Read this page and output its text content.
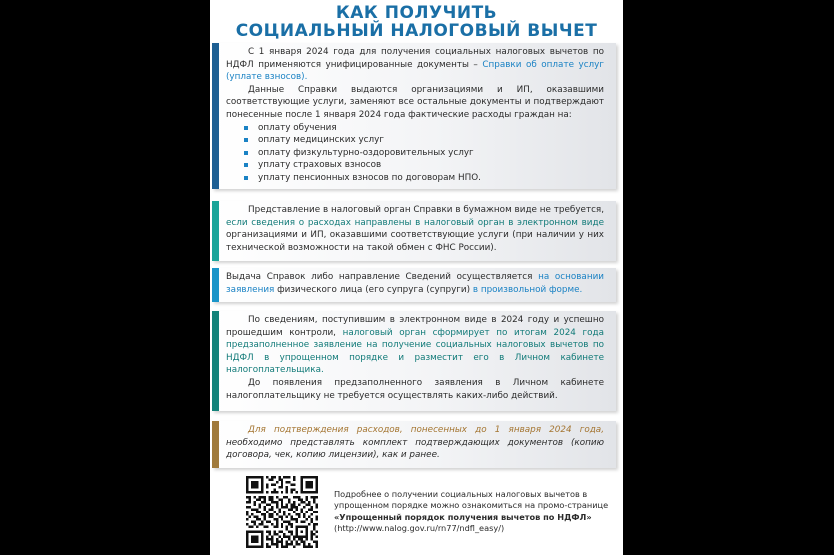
КАК ПОЛУЧИТЬ
СОЦИАЛЬНЫЙ НАЛОГОВЫЙ ВЫЧЕТ

С 1 января 2024 года для получения социальных налоговых вычетов по НДФЛ применяются унифицированные документы – Справки об оплате услуг (уплате взносов).

Данные Справки выдаются организациями и ИП, оказавшими соответствующие услуги, заменяют все остальные документы и подтверждают понесенные после 1 января 2024 года фактические расходы граждан на:

оплату обучения
оплату медицинских услуг
оплату физкультурно-оздоровительных услуг
уплату страховых взносов
уплату пенсионных взносов по договорам НПО.

Представление в налоговый орган Справки в бумажном виде не требуется, если сведения о расходах направлены в налоговый орган в электронном виде организациями и ИП, оказавшими соответствующие услуги (при наличии у них технической возможности на такой обмен с ФНС России).

Выдача Справок либо направление Сведений осуществляется на основании заявления физического лица (его супруга (супруги) в произвольной форме.

По сведениям, поступившим в электронном виде в 2024 году и успешно прошедшим контроли, налоговый орган сформирует по итогам 2024 года предзаполненное заявление на получение социальных налоговых вычетов по НДФЛ в упрощенном порядке и разместит его в Личном кабинете налогоплательщика.

До появления предзаполненного заявления в Личном кабинете налогоплательщику не требуется осуществлять каких-либо действий.

Для подтверждения расходов, понесенных до 1 января 2024 года, необходимо представлять комплект подтверждающих документов (копию договора, чек, копию лицензии), как и ранее.

Подробнее о получении социальных налоговых вычетов в упрощенном порядке можно ознакомиться на промо-странице
«Упрощенный порядок получения вычетов по НДФЛ»
(http://www.nalog.gov.ru/rn77/ndfl_easy/)
